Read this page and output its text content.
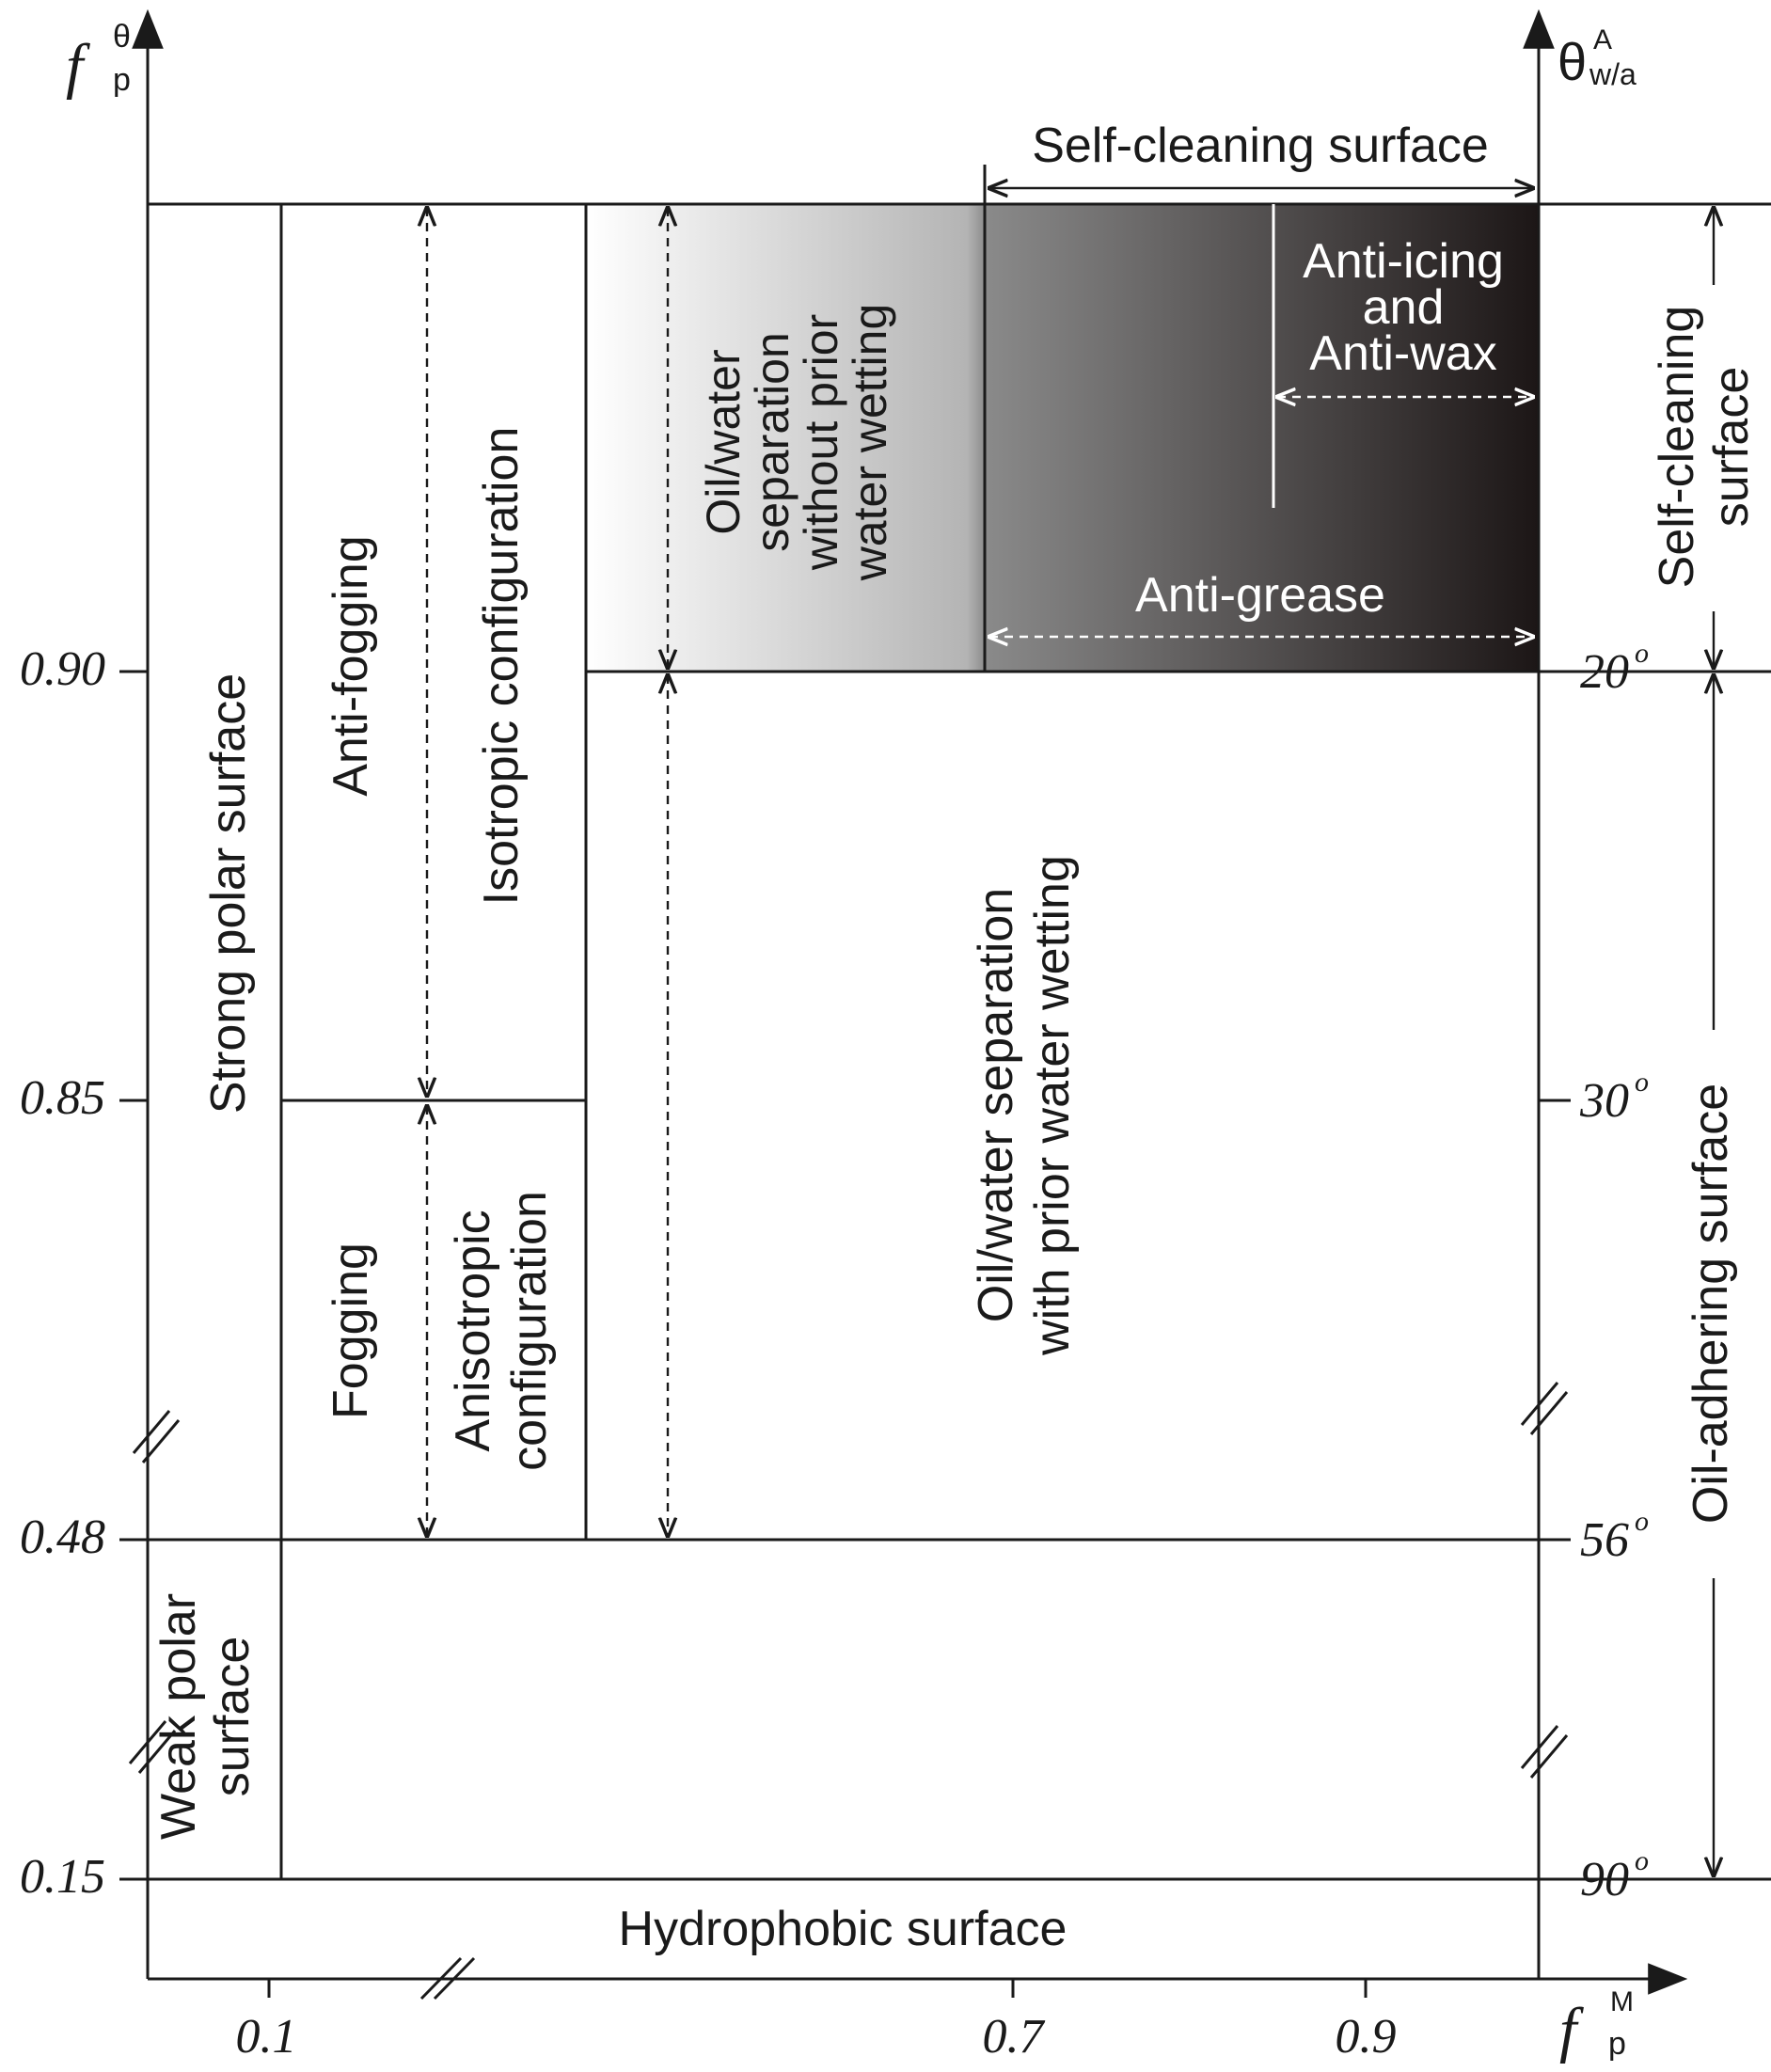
f θ
p	θ A
w/a
f M
p
0.90
0.85
0.48
0.15
20 o
30 o
56 o
90 o
0.1	0.7	0.9
Self-cleaning surface
Hydrophobic surface
Anti-icing
and
Anti-wax
Anti-grease
Strong polar surface
Weak polar surface
Anti-fogging
Fogging
Isotropic configuration
Anisotropic configuration
Oil/water
separation
without prior
water wetting
Oil/water separation with prior water wetting
Self-cleaning surface
Oil-adhering surface
